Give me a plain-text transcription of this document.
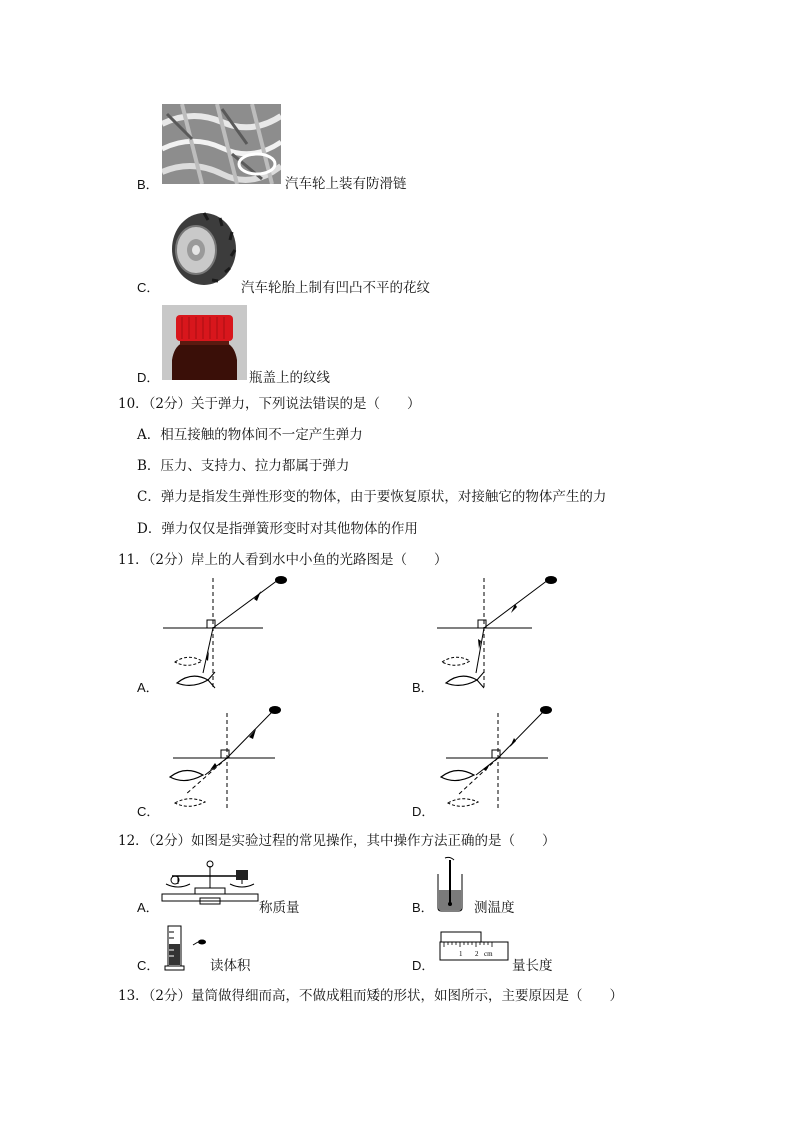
B．	汽车轮上装有防滑链
C．	汽车轮胎上制有凹凸不平的花纹
D．	瓶盖上的纹线
10．（2分）关于弹力，下列说法错误的是（　　）
A．相互接触的物体间不一定产生弹力
B．压力、支持力、拉力都属于弹力
C．弹力是指发生弹性形变的物体，由于要恢复原状，对接触它的物体产生的力
D．弹力仅仅是指弹簧形变时对其他物体的作用
11．（2分）岸上的人看到水中小鱼的光路图是（　　）
A．	B．
C．	D．
12．（2分）如图是实验过程的常见操作，其中操作方法正确的是（　　）
A．	称质量	B．	测温度
C．	读体积	D．
1 2 cm
量长度
13．（2分）量筒做得细而高，不做成粗而矮的形状，如图所示，主要原因是（　　）
